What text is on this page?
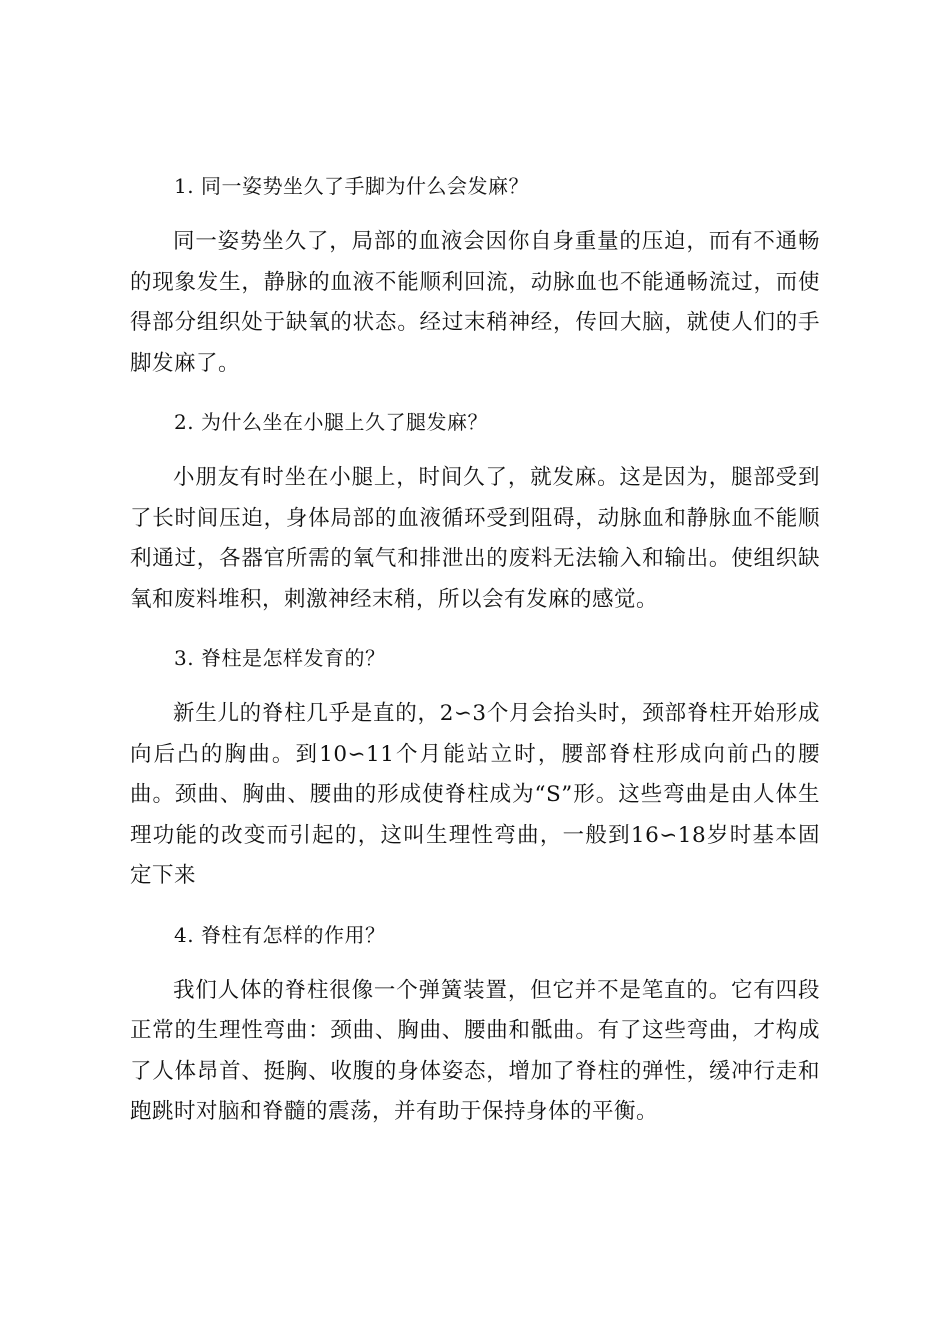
1. 同一姿势坐久了手脚为什么会发麻？

同一姿势坐久了，局部的血液会因你自身重量的压迫，而有不通畅的现象发生，静脉的血液不能顺利回流，动脉血也不能通畅流过，而使得部分组织处于缺氧的状态。经过末稍神经，传回大脑，就使人们的手脚发麻了。

2. 为什么坐在小腿上久了腿发麻？

小朋友有时坐在小腿上，时间久了，就发麻。这是因为，腿部受到了长时间压迫，身体局部的血液循环受到阻碍，动脉血和静脉血不能顺利通过，各器官所需的氧气和排泄出的废料无法输入和输出。使组织缺氧和废料堆积，刺激神经末稍，所以会有发麻的感觉。

3. 脊柱是怎样发育的？

新生儿的脊柱几乎是直的，2∽3个月会抬头时，颈部脊柱开始形成向后凸的胸曲。到10∽11个月能站立时，腰部脊柱形成向前凸的腰曲。颈曲、胸曲、腰曲的形成使脊柱成为“S”形。这些弯曲是由人体生理功能的改变而引起的，这叫生理性弯曲，一般到16∽18岁时基本固定下来

4. 脊柱有怎样的作用？

我们人体的脊柱很像一个弹簧装置，但它并不是笔直的。它有四段正常的生理性弯曲：颈曲、胸曲、腰曲和骶曲。有了这些弯曲，才构成了人体昂首、挺胸、收腹的身体姿态，增加了脊柱的弹性，缓冲行走和跑跳时对脑和脊髓的震荡，并有助于保持身体的平衡。
